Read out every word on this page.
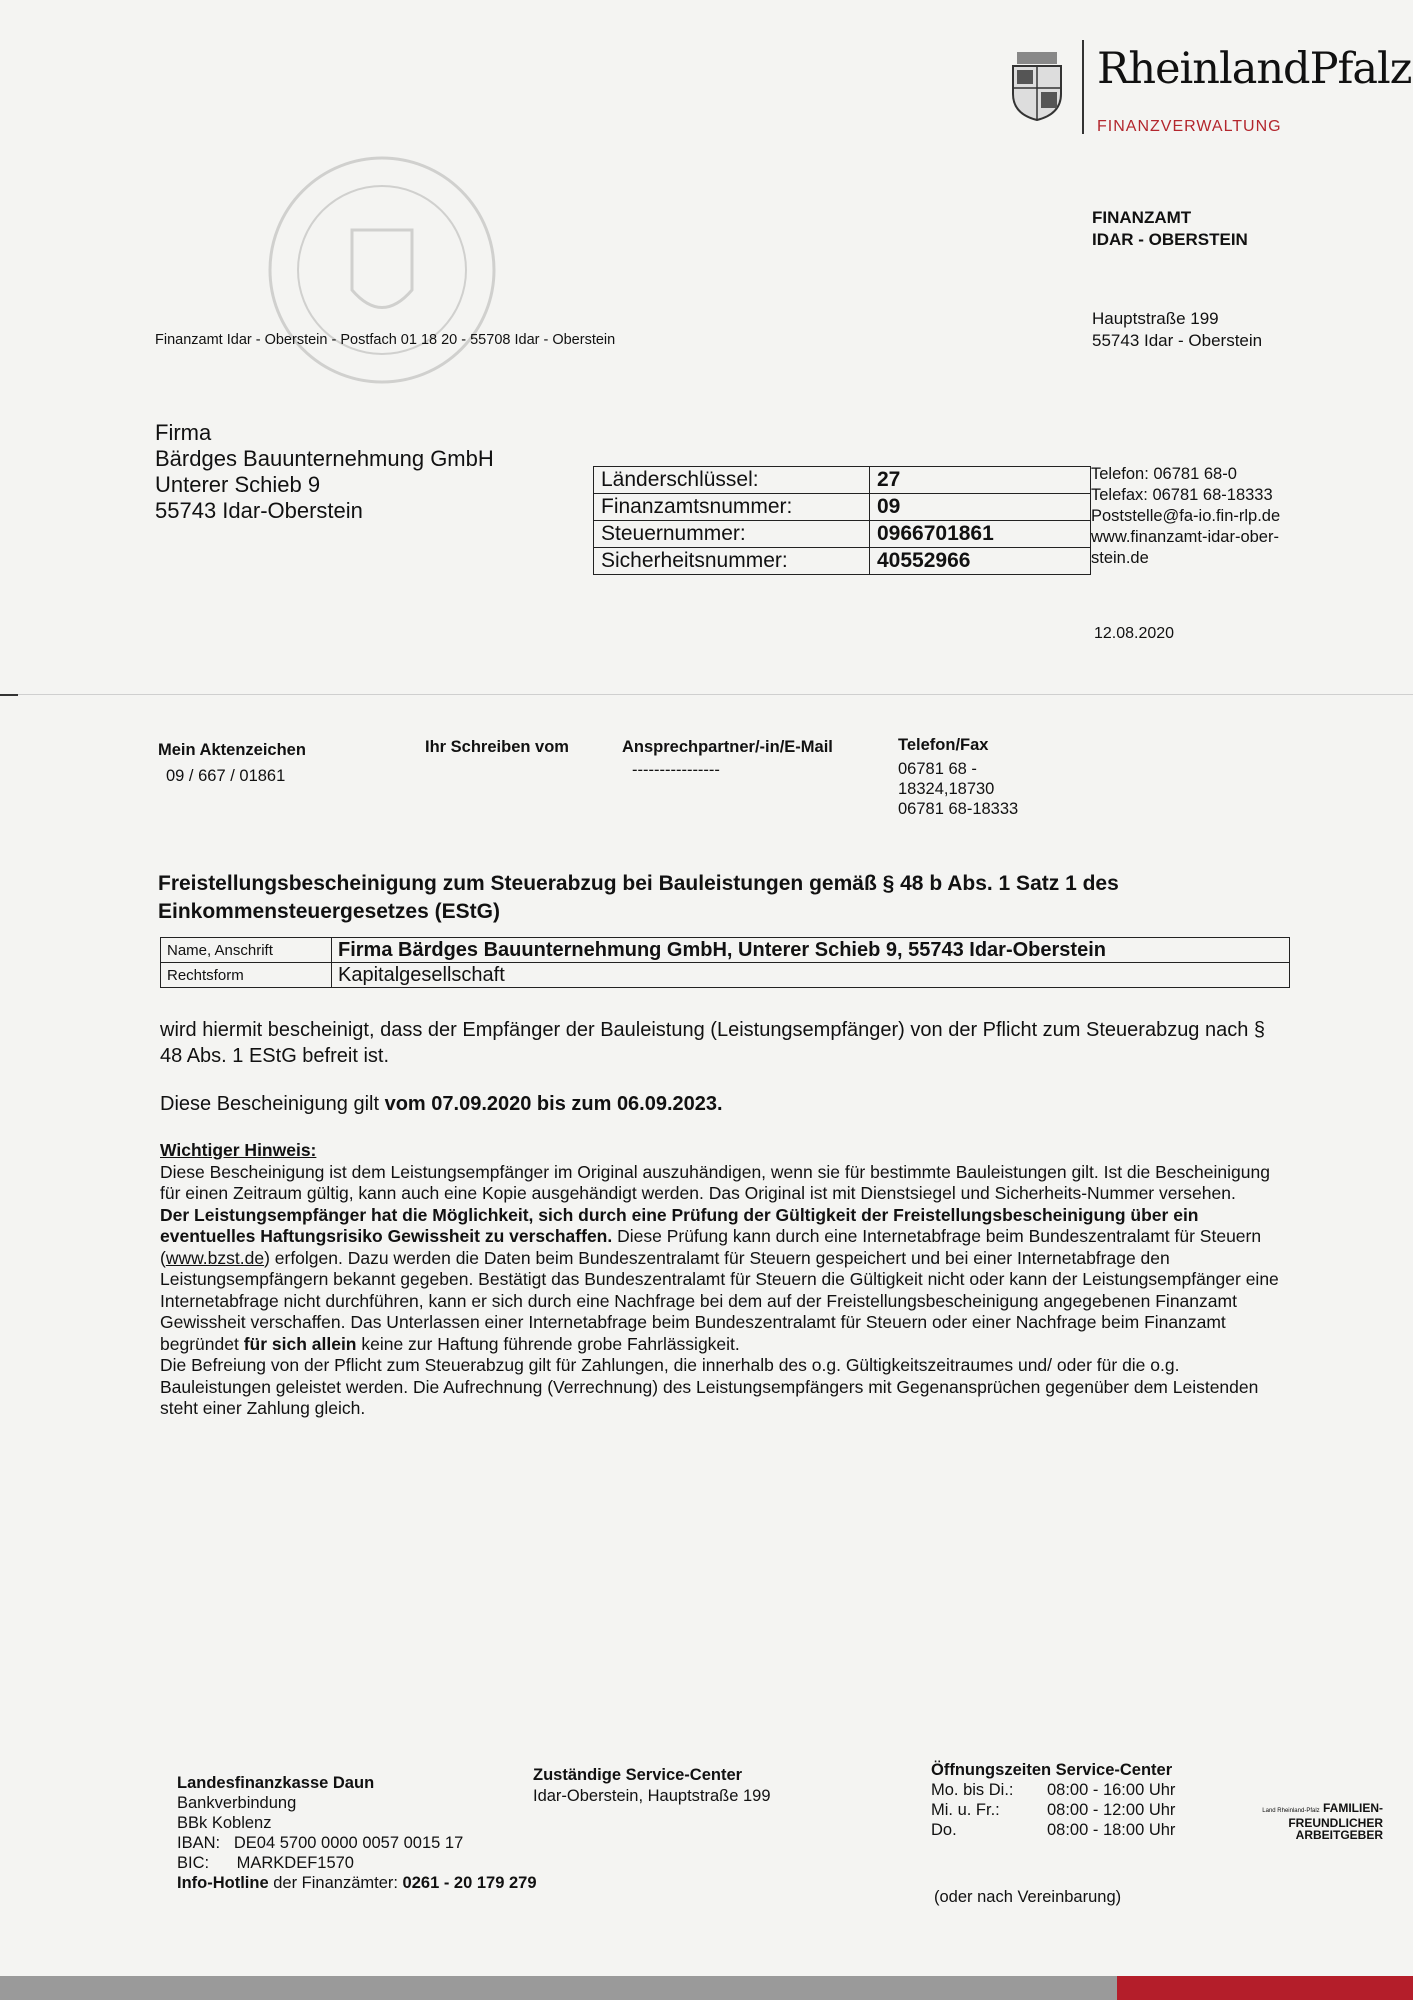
RheinlandPfalz
FINANZVERWALTUNG
FINANZAMT
IDAR - OBERSTEIN
Hauptstraße 199
55743 Idar - Oberstein
Finanzamt Idar - Oberstein - Postfach 01 18 20 - 55708 Idar - Oberstein
Firma
Bärdges Bauunternehmung GmbH
Unterer Schieb 9
55743 Idar-Oberstein
Länderschlüssel:	27
Finanzamtsnummer:	09
Steuernummer:	0966701861
Sicherheitsnummer:	40552966
Telefon: 06781 68-0
Telefax: 06781 68-18333
Poststelle@fa-io.fin-rlp.de
www.finanzamt-idar-ober-
stein.de
12.08.2020
Mein Aktenzeichen
09 / 667 / 01861
Ihr Schreiben vom	Ansprechpartner/-in/E-Mail
----------------
Telefon/Fax
06781 68 -
18324,18730
06781 68-18333
Freistellungsbescheinigung zum Steuerabzug bei Bauleistungen gemäß § 48 b Abs. 1 Satz 1 des Einkommensteuergesetzes (EStG)
Name, Anschrift	Firma Bärdges Bauunternehmung GmbH, Unterer Schieb 9, 55743 Idar-Oberstein
Rechtsform	Kapitalgesellschaft
wird hiermit bescheinigt, dass der Empfänger der Bauleistung (Leistungsempfänger) von der Pflicht zum Steuerabzug nach § 48 Abs. 1 EStG befreit ist.
Diese Bescheinigung gilt vom 07.09.2020 bis zum 06.09.2023.
Wichtiger Hinweis:
Diese Bescheinigung ist dem Leistungsempfänger im Original auszuhändigen, wenn sie für bestimmte Bauleistungen gilt. Ist die Bescheinigung für einen Zeitraum gültig, kann auch eine Kopie ausgehändigt werden. Das Original ist mit Dienstsiegel und Sicherheits-Nummer versehen.
Der Leistungsempfänger hat die Möglichkeit, sich durch eine Prüfung der Gültigkeit der Freistellungsbescheinigung über ein eventuelles Haftungsrisiko Gewissheit zu verschaffen. Diese Prüfung kann durch eine Internetabfrage beim Bundeszentralamt für Steuern (www.bzst.de) erfolgen. Dazu werden die Daten beim Bundeszentralamt für Steuern gespeichert und bei einer Internetabfrage den Leistungsempfängern bekannt gegeben. Bestätigt das Bundeszentralamt für Steuern die Gültigkeit nicht oder kann der Leistungsempfänger eine Internetabfrage nicht durchführen, kann er sich durch eine Nachfrage bei dem auf der Freistellungsbescheinigung angegebenen Finanzamt Gewissheit verschaffen. Das Unterlassen einer Internetabfrage beim Bundeszentralamt für Steuern oder einer Nachfrage beim Finanzamt begründet für sich allein keine zur Haftung führende grobe Fahrlässigkeit.
Die Befreiung von der Pflicht zum Steuerabzug gilt für Zahlungen, die innerhalb des o.g. Gültigkeitszeitraumes und/ oder für die o.g. Bauleistungen geleistet werden. Die Aufrechnung (Verrechnung) des Leistungsempfängers mit Gegenansprüchen gegenüber dem Leistenden steht einer Zahlung gleich.
Landesfinanzkasse Daun
Bankverbindung
BBk Koblenz
IBAN: DE04 5700 0000 0057 0015 17
BIC: MARKDEF1570
Info-Hotline der Finanzämter: 0261 - 20 179 279
Zuständige Service-Center
Idar-Oberstein, Hauptstraße 199
Öffnungszeiten Service-Center
Mo. bis Di.:	08:00 - 16:00 Uhr
Mi. u. Fr.:	08:00 - 12:00 Uhr
Do.	08:00 - 18:00 Uhr
(oder nach Vereinbarung)
Land Rheinland-Pfalz FAMILIEN-
FREUNDLICHER
ARBEITGEBER
